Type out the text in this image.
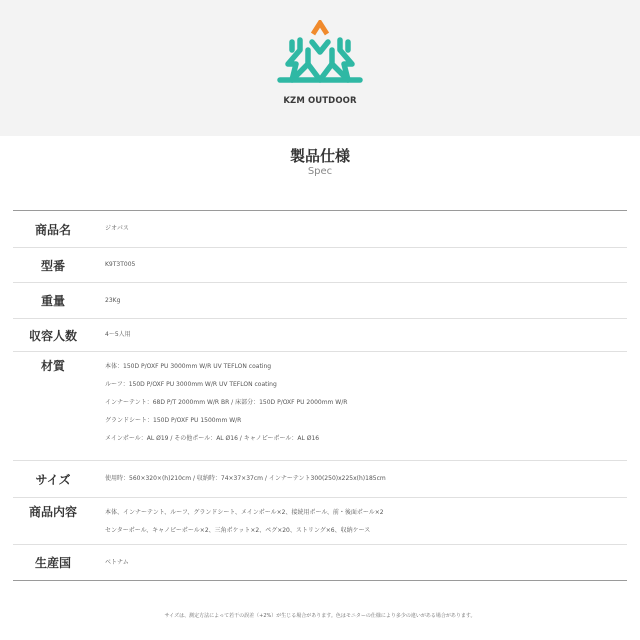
KZM OUTDOOR
製品仕様
Spec
商品名	ジオパス
型番	K9T3T005
重量	23Kg
収容人数	4〜5人用
材質	本体：150D P/OXF PU 3000mm W/R UV TEFLON coating
ルーフ：150D P/OXF PU 3000mm W/R UV TEFLON coating
インナーテント：68D P/T 2000mm W/R BR / 床部分：150D P/OXF PU 2000mm W/R
グランドシート：150D P/OXF PU 1500mm W/R
メインポール：AL Ø19 / その他ポール：AL Ø16 / キャノピーポール：AL Ø16
サイズ	使用時：560×320×(h)210cm / 収納時：74×37×37cm / インナーテント300(250)x225x(h)185cm
商品内容	本体、インナーテント、ルーフ、グランドシート、メインポール×2、接続用ポール、前・後面ポール×2
センターポール、キャノピーポール×2、三角ポケット×2、ペグ×20、ストリング×6、収納ケース
生産国	ベトナム
サイズは、測定方法によって若干の誤差（+2%）が生じる場合があります。色はモニターの仕様により多少の違いがある場合があります。
